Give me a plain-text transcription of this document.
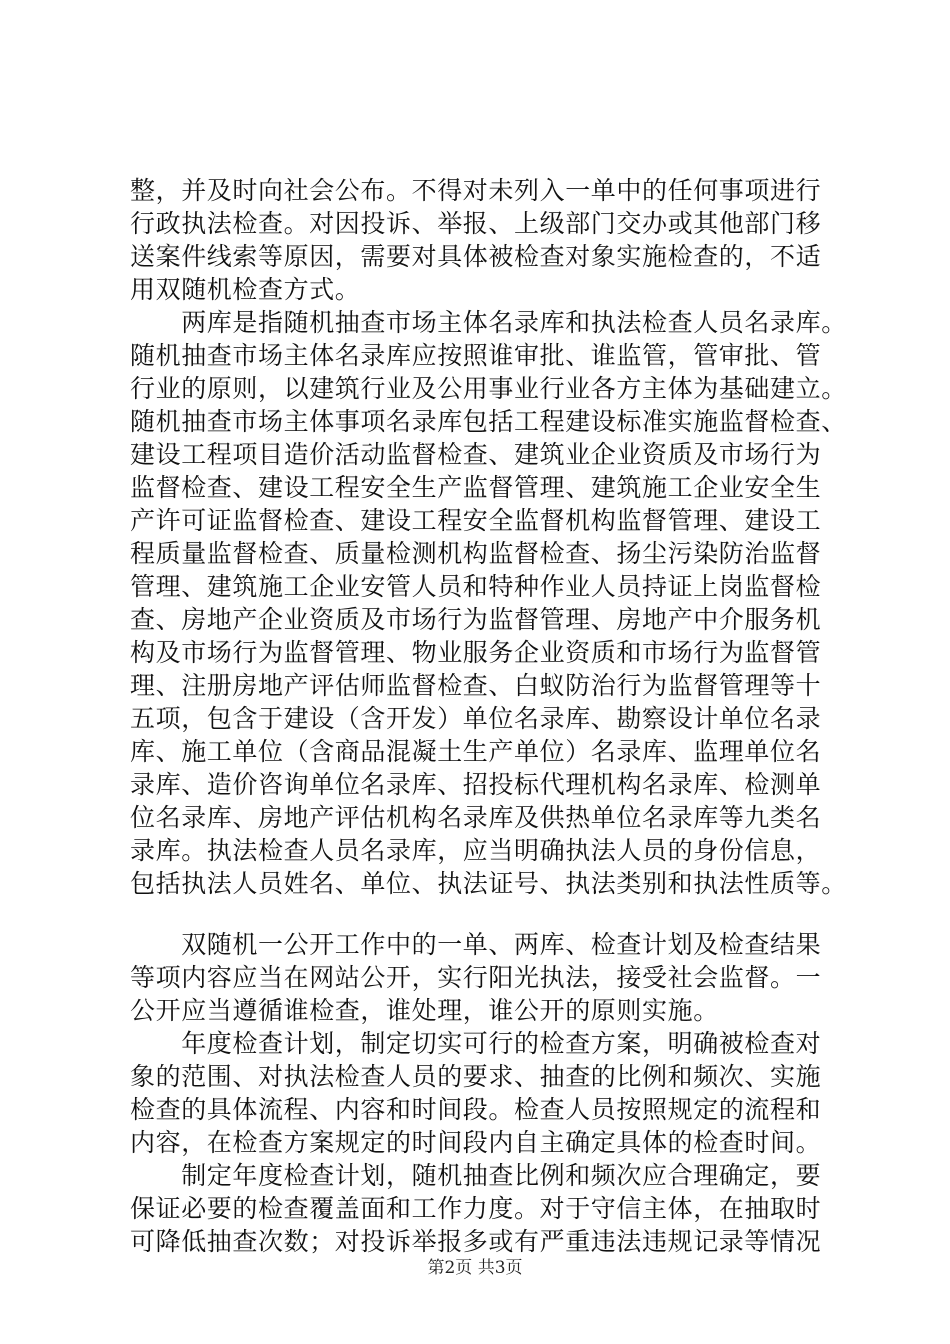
整，并及时向社会公布。不得对未列入一单中的任何事项进行
行政执法检查。对因投诉、举报、上级部门交办或其他部门移
送案件线索等原因，需要对具体被检查对象实施检查的，不适
用双随机检查方式。
　　两库是指随机抽查市场主体名录库和执法检查人员名录库。
随机抽查市场主体名录库应按照谁审批、谁监管，管审批、管
行业的原则，以建筑行业及公用事业行业各方主体为基础建立。
随机抽查市场主体事项名录库包括工程建设标准实施监督检查、
建设工程项目造价活动监督检查、建筑业企业资质及市场行为
监督检查、建设工程安全生产监督管理、建筑施工企业安全生
产许可证监督检查、建设工程安全监督机构监督管理、建设工
程质量监督检查、质量检测机构监督检查、扬尘污染防治监督
管理、建筑施工企业安管人员和特种作业人员持证上岗监督检
查、房地产企业资质及市场行为监督管理、房地产中介服务机
构及市场行为监督管理、物业服务企业资质和市场行为监督管
理、注册房地产评估师监督检查、白蚁防治行为监督管理等十
五项，包含于建设（含开发）单位名录库、勘察设计单位名录
库、施工单位（含商品混凝土生产单位）名录库、监理单位名
录库、造价咨询单位名录库、招投标代理机构名录库、检测单
位名录库、房地产评估机构名录库及供热单位名录库等九类名
录库。执法检查人员名录库，应当明确执法人员的身份信息，
包括执法人员姓名、单位、执法证号、执法类别和执法性质等。
　　双随机一公开工作中的一单、两库、检查计划及检查结果
等项内容应当在网站公开，实行阳光执法，接受社会监督。一
公开应当遵循谁检查，谁处理，谁公开的原则实施。
　　年度检查计划，制定切实可行的检查方案，明确被检查对
象的范围、对执法检查人员的要求、抽查的比例和频次、实施
检查的具体流程、内容和时间段。检查人员按照规定的流程和
内容，在检查方案规定的时间段内自主确定具体的检查时间。
　　制定年度检查计划，随机抽查比例和频次应合理确定，要
保证必要的检查覆盖面和工作力度。对于守信主体，在抽取时
可降低抽查次数；对投诉举报多或有严重违法违规记录等情况
第2页 共3页
